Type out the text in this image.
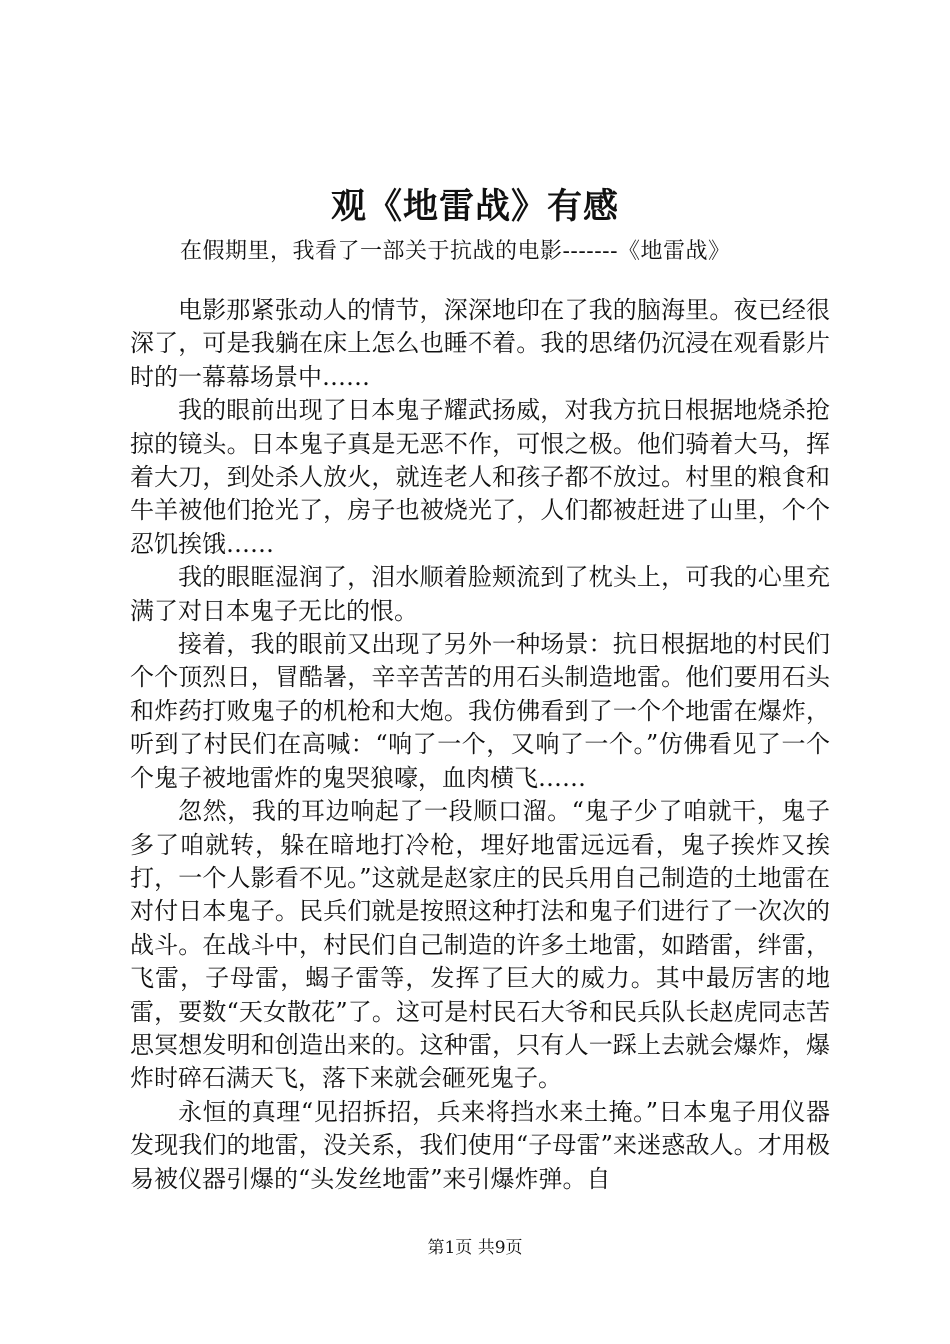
观《地雷战》有感
在假期里，我看了一部关于抗战的电影-------《地雷战》

电影那紧张动人的情节，深深地印在了我的脑海里。夜已经很深了，可是我躺在床上怎么也睡不着。我的思绪仍沉浸在观看影片时的一幕幕场景中……

我的眼前出现了日本鬼子耀武扬威，对我方抗日根据地烧杀抢掠的镜头。日本鬼子真是无恶不作，可恨之极。他们骑着大马，挥着大刀，到处杀人放火，就连老人和孩子都不放过。村里的粮食和牛羊被他们抢光了，房子也被烧光了，人们都被赶进了山里，个个忍饥挨饿……

我的眼眶湿润了，泪水顺着脸颊流到了枕头上，可我的心里充满了对日本鬼子无比的恨。

接着，我的眼前又出现了另外一种场景：抗日根据地的村民们个个顶烈日，冒酷暑，辛辛苦苦的用石头制造地雷。他们要用石头和炸药打败鬼子的机枪和大炮。我仿佛看到了一个个地雷在爆炸，听到了村民们在高喊：“响了一个，又响了一个。”仿佛看见了一个个鬼子被地雷炸的鬼哭狼嚎，血肉横飞……

忽然，我的耳边响起了一段顺口溜。“鬼子少了咱就干，鬼子多了咱就转，躲在暗地打冷枪，埋好地雷远远看，鬼子挨炸又挨打，一个人影看不见。”这就是赵家庄的民兵用自己制造的土地雷在对付日本鬼子。民兵们就是按照这种打法和鬼子们进行了一次次的战斗。在战斗中，村民们自己制造的许多土地雷，如踏雷，绊雷，飞雷，子母雷，蝎子雷等，发挥了巨大的威力。其中最厉害的地雷，要数“天女散花”了。这可是村民石大爷和民兵队长赵虎同志苦思冥想发明和创造出来的。这种雷，只有人一踩上去就会爆炸，爆炸时碎石满天飞，落下来就会砸死鬼子。

永恒的真理“见招拆招，兵来将挡水来土掩。”日本鬼子用仪器发现我们的地雷，没关系，我们使用“子母雷”来迷惑敌人。才用极易被仪器引爆的“头发丝地雷”来引爆炸弹。自

第1页 共9页
